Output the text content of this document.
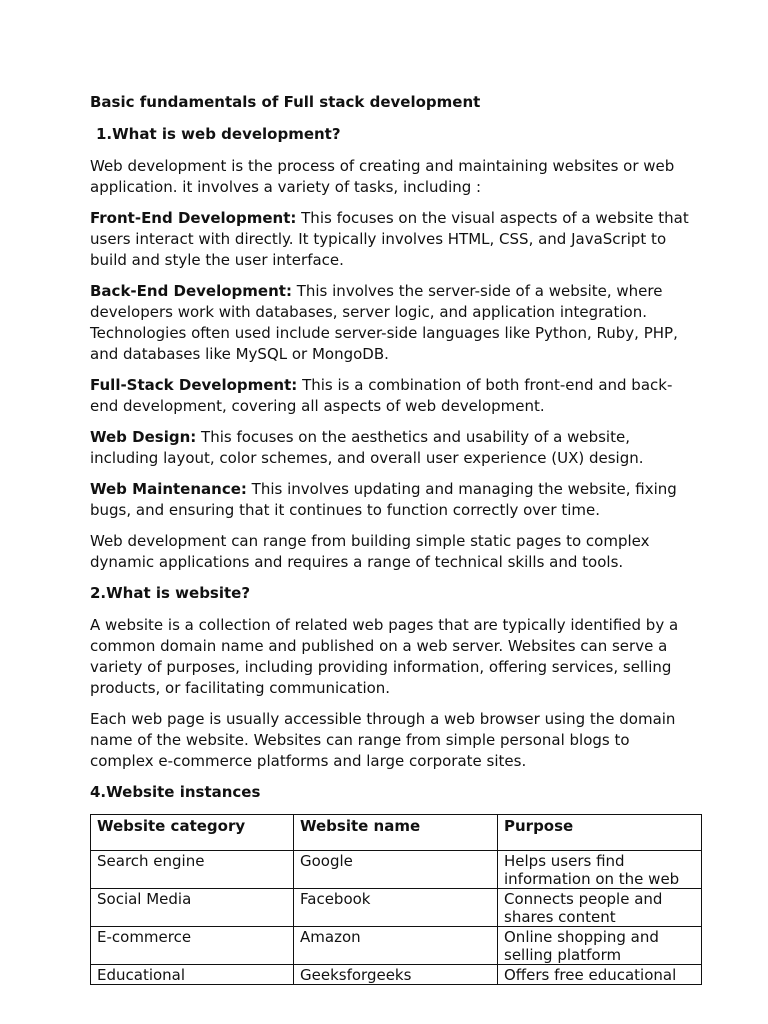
Basic fundamentals of Full stack development
1.What is web development?

Web development is the process of creating and maintaining websites or web application. it involves a variety of tasks, including :

Front-End Development: This focuses on the visual aspects of a website that users interact with directly. It typically involves HTML, CSS, and JavaScript to build and style the user interface.

Back-End Development: This involves the server-side of a website, where developers work with databases, server logic, and application integration. Technologies often used include server-side languages like Python, Ruby, PHP, and databases like MySQL or MongoDB.

Full-Stack Development: This is a combination of both front-end and back-end development, covering all aspects of web development.

Web Design: This focuses on the aesthetics and usability of a website, including layout, color schemes, and overall user experience (UX) design.

Web Maintenance: This involves updating and managing the website, fixing bugs, and ensuring that it continues to function correctly over time.

Web development can range from building simple static pages to complex dynamic applications and requires a range of technical skills and tools.

2.What is website?

A website is a collection of related web pages that are typically identified by a common domain name and published on a web server. Websites can serve a variety of purposes, including providing information, offering services, selling products, or facilitating communication.

Each web page is usually accessible through a web browser using the domain name of the website. Websites can range from simple personal blogs to complex e-commerce platforms and large corporate sites.

4.Website instances
Website category	Website name	Purpose
Search engine	Google	Helps users find information on the web
Social Media	Facebook	Connects people and shares content
E-commerce	Amazon	Online shopping and selling platform
Educational	Geeksforgeeks	Offers free educational
